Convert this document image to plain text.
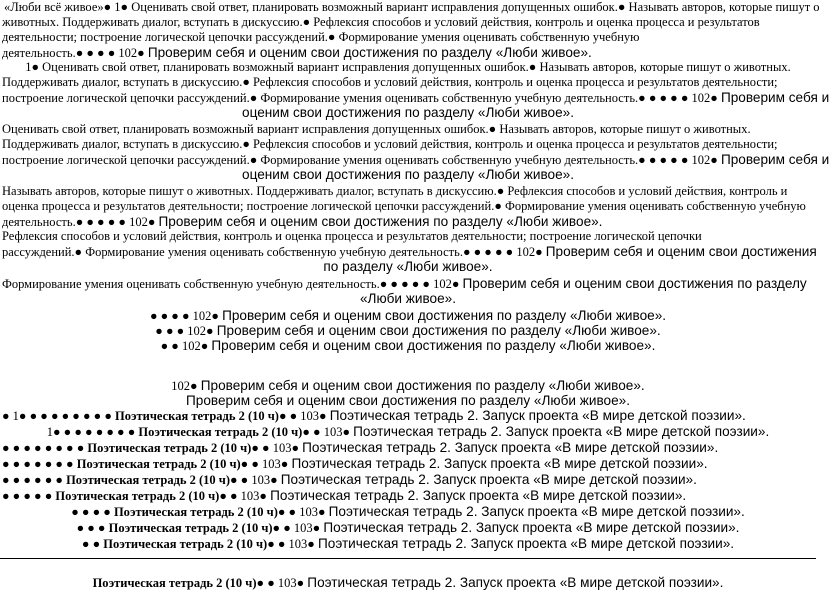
«Люби всё живое»● 1● Оценивать свой ответ, планировать возможный вариант исправления допущенных ошибок.● Называть авторов, которые пишут о
животных. Поддерживать диалог, вступать в дискуссию.● Рефлексия способов и условий действия, контроль и оценка процесса и результатов
деятельности; построение логической цепочки рассуждений.● Формирование умения оценивать собственную учебную
деятельность.● ● ● ● 102● Проверим себя и оценим свои достижения по разделу «Люби живое».
1● Оценивать свой ответ, планировать возможный вариант исправления допущенных ошибок.● Называть авторов, которые пишут о животных.
Поддерживать диалог, вступать в дискуссию.● Рефлексия способов и условий действия, контроль и оценка процесса и результатов деятельности;
построение логической цепочки рассуждений.● Формирование умения оценивать собственную учебную деятельность.● ● ● ● ● 102● Проверим себя и
оценим свои достижения по разделу «Люби живое».
Оценивать свой ответ, планировать возможный вариант исправления допущенных ошибок.● Называть авторов, которые пишут о животных.
Поддерживать диалог, вступать в дискуссию.● Рефлексия способов и условий действия, контроль и оценка процесса и результатов деятельности;
построение логической цепочки рассуждений.● Формирование умения оценивать собственную учебную деятельность.● ● ● ● ● 102● Проверим себя и
оценим свои достижения по разделу «Люби живое».
Называть авторов, которые пишут о животных. Поддерживать диалог, вступать в дискуссию.● Рефлексия способов и условий действия, контроль и
оценка процесса и результатов деятельности; построение логической цепочки рассуждений.● Формирование умения оценивать собственную учебную
деятельность.● ● ● ● ● 102● Проверим себя и оценим свои достижения по разделу «Люби живое».
Рефлексия способов и условий действия, контроль и оценка процесса и результатов деятельности; построение логической цепочки
рассуждений.● Формирование умения оценивать собственную учебную деятельность.● ● ● ● ● 102● Проверим себя и оценим свои достижения
по разделу «Люби живое».
Формирование умения оценивать собственную учебную деятельность.● ● ● ● ● 102● Проверим себя и оценим свои достижения по разделу
«Люби живое».
● ● ● ● 102● Проверим себя и оценим свои достижения по разделу «Люби живое».
● ● ● 102● Проверим себя и оценим свои достижения по разделу «Люби живое».
● ● 102● Проверим себя и оценим свои достижения по разделу «Люби живое».
102● Проверим себя и оценим свои достижения по разделу «Люби живое».
Проверим себя и оценим свои достижения по разделу «Люби живое».
● 1● ● ● ● ● ● ● ● ● Поэтическая тетрадь 2 (10 ч)● ● 103● Поэтическая тетрадь 2. Запуск проекта «В мире детской поэзии».
1● ● ● ● ● ● ● ● Поэтическая тетрадь 2 (10 ч)● ● 103● Поэтическая тетрадь 2. Запуск проекта «В мире детской поэзии».
● ● ● ● ● ● ● ● Поэтическая тетрадь 2 (10 ч)● ● 103● Поэтическая тетрадь 2. Запуск проекта «В мире детской поэзии».
● ● ● ● ● ● ● Поэтическая тетрадь 2 (10 ч)● ● 103● Поэтическая тетрадь 2. Запуск проекта «В мире детской поэзии».
● ● ● ● ● ● Поэтическая тетрадь 2 (10 ч)● ● 103● Поэтическая тетрадь 2. Запуск проекта «В мире детской поэзии».
● ● ● ● ● Поэтическая тетрадь 2 (10 ч)● ● 103● Поэтическая тетрадь 2. Запуск проекта «В мире детской поэзии».
● ● ● ● Поэтическая тетрадь 2 (10 ч)● ● 103● Поэтическая тетрадь 2. Запуск проекта «В мире детской поэзии».
● ● ● Поэтическая тетрадь 2 (10 ч)● ● 103● Поэтическая тетрадь 2. Запуск проекта «В мире детской поэзии».
● ● Поэтическая тетрадь 2 (10 ч)● ● 103● Поэтическая тетрадь 2. Запуск проекта «В мире детской поэзии».
Поэтическая тетрадь 2 (10 ч)● ● 103● Поэтическая тетрадь 2. Запуск проекта «В мире детской поэзии».
